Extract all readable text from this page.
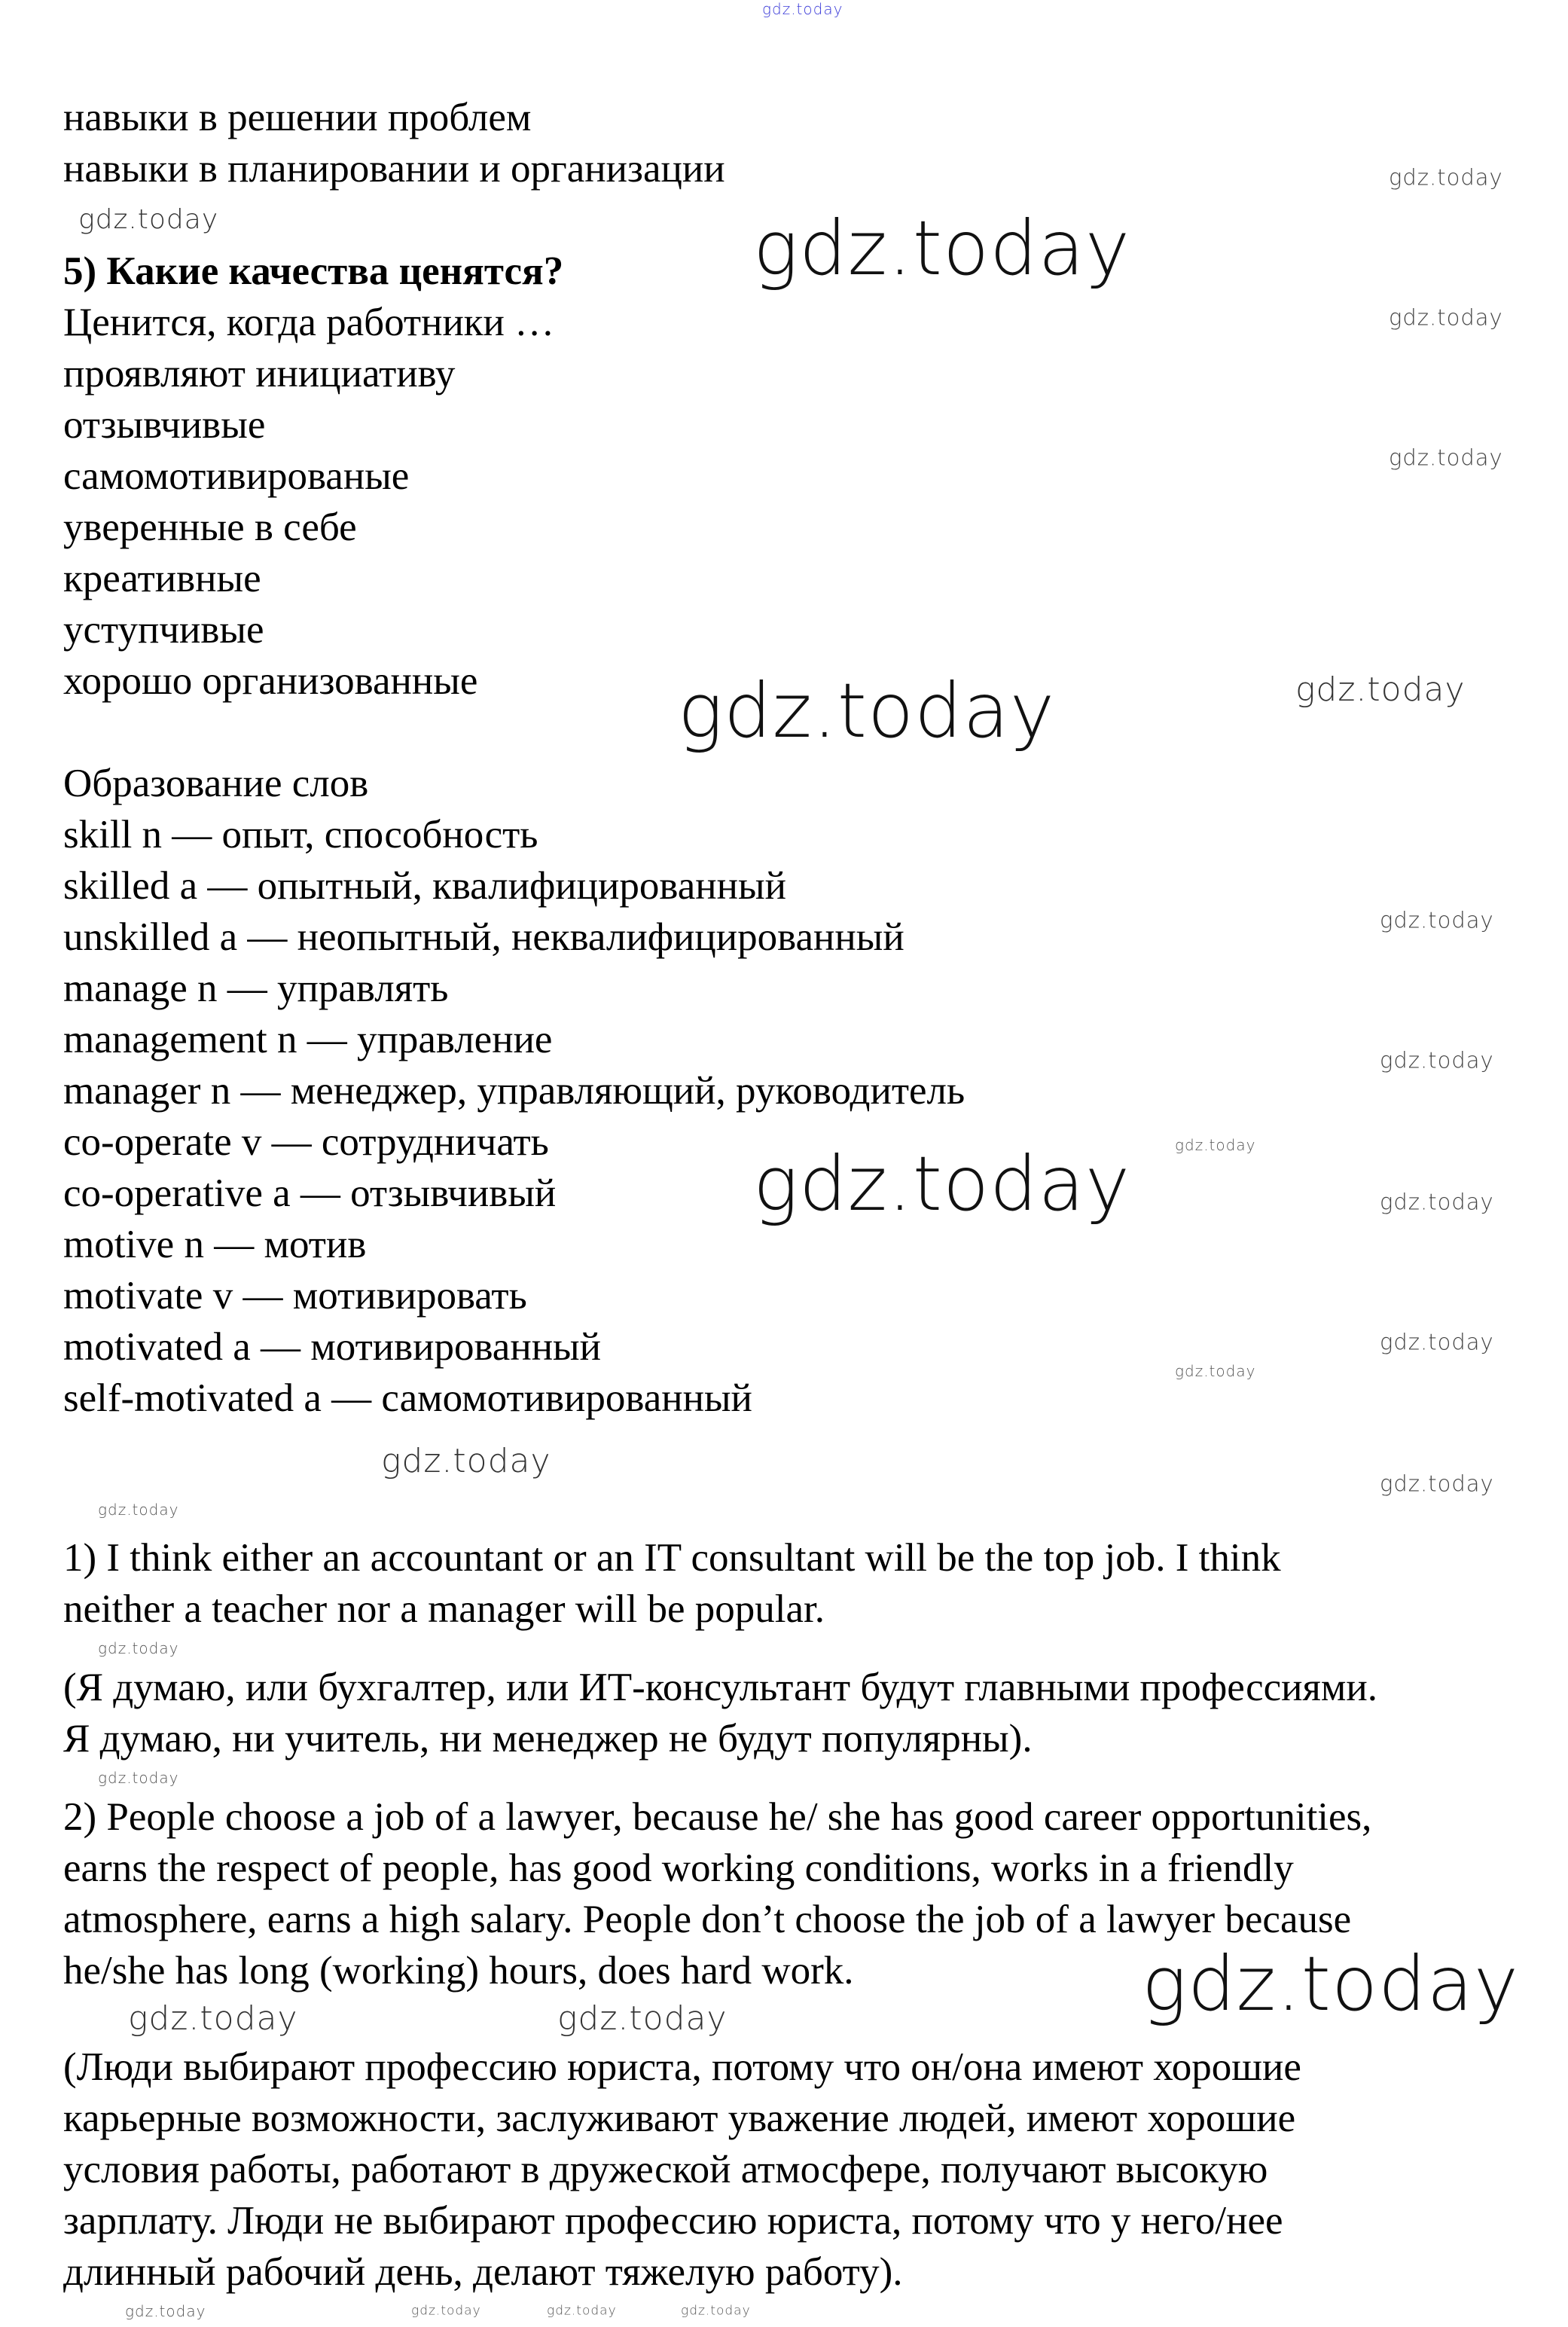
навыки в решении проблем
навыки в планировании и организации
5) Какие качества ценятся?
Ценится, когда работники …
проявляют инициативу
отзывчивые
самомотивированые
уверенные в себе
креативные
уступчивые
хорошо организованные
Образование слов
skill n — опыт, способность
skilled a — опытный, квалифицированный
unskilled a — неопытный, неквалифицированный
manage n — управлять
management n — управление
manager n — менеджер, управляющий, руководитель
co-operate v — сотрудничать
co-operative a — отзывчивый
motive n — мотив
motivate v — мотивировать
motivated a — мотивированный
self-motivated a — самомотивированный
1) I think either an accountant or an IT consultant will be the top job. I think
neither a teacher nor a manager will be popular.
(Я думаю, или бухгалтер, или ИТ-консультант будут главными профессиями.
Я думаю, ни учитель, ни менеджер не будут популярны).
2) People choose a job of a lawyer, because he/ she has good career opportunities,
earns the respect of people, has good working conditions, works in a friendly
atmosphere, earns a high salary. People don’t choose the job of a lawyer because
he/she has long (working) hours, does hard work.
(Люди выбирают профессию юриста, потому что он/она имеют хорошие
карьерные возможности, заслуживают уважение людей, имеют хорошие
условия работы, работают в дружеской атмосфере, получают высокую
зарплату. Люди не выбирают профессию юриста, потому что у него/нее
длинный рабочий день, делают тяжелую работу).
gdz.today
gdz.today
gdz.today	gdz.today
gdz.today
gdz.today
gdz.today	gdz.today
gdz.today
gdz.today
gdz.today
gdz.today	gdz.today
gdz.today
gdz.today
gdz.today
gdz.today
gdz.today
gdz.today
gdz.today
gdz.today
gdz.today	gdz.today
gdz.today	gdz.today	gdz.today	gdz.today
